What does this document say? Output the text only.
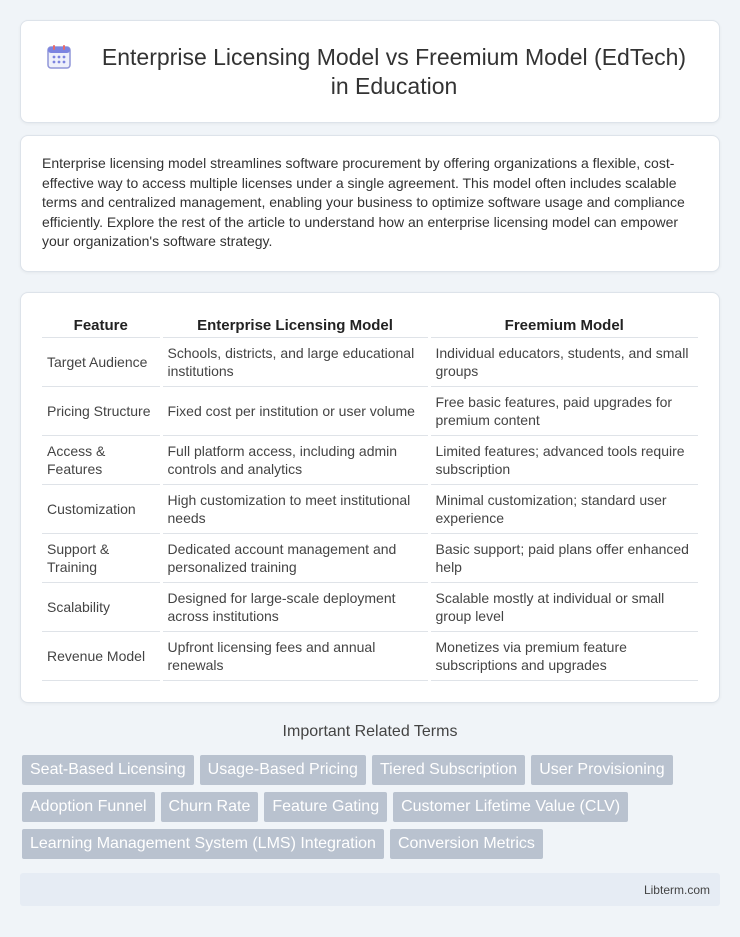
Enterprise Licensing Model vs Freemium Model (EdTech) in Education

Enterprise licensing model streamlines software procurement by offering organizations a flexible, cost-effective way to access multiple licenses under a single agreement. This model often includes scalable terms and centralized management, enabling your business to optimize software usage and compliance efficiently. Explore the rest of the article to understand how an enterprise licensing model can empower your organization's software strategy.

Feature	Enterprise Licensing Model	Freemium Model
Target Audience	Schools, districts, and large educational institutions	Individual educators, students, and small groups
Pricing Structure	Fixed cost per institution or user volume	Free basic features, paid upgrades for premium content
Access & Features	Full platform access, including admin controls and analytics	Limited features; advanced tools require subscription
Customization	High customization to meet institutional needs	Minimal customization; standard user experience
Support & Training	Dedicated account management and personalized training	Basic support; paid plans offer enhanced help
Scalability	Designed for large-scale deployment across institutions	Scalable mostly at individual or small group level
Revenue Model	Upfront licensing fees and annual renewals	Monetizes via premium feature subscriptions and upgrades
Important Related Terms
Seat-Based Licensing	Usage-Based Pricing	Tiered Subscription	User Provisioning
Adoption Funnel	Churn Rate	Feature Gating	Customer Lifetime Value (CLV)
Learning Management System (LMS) Integration	Conversion Metrics
Libterm.com
